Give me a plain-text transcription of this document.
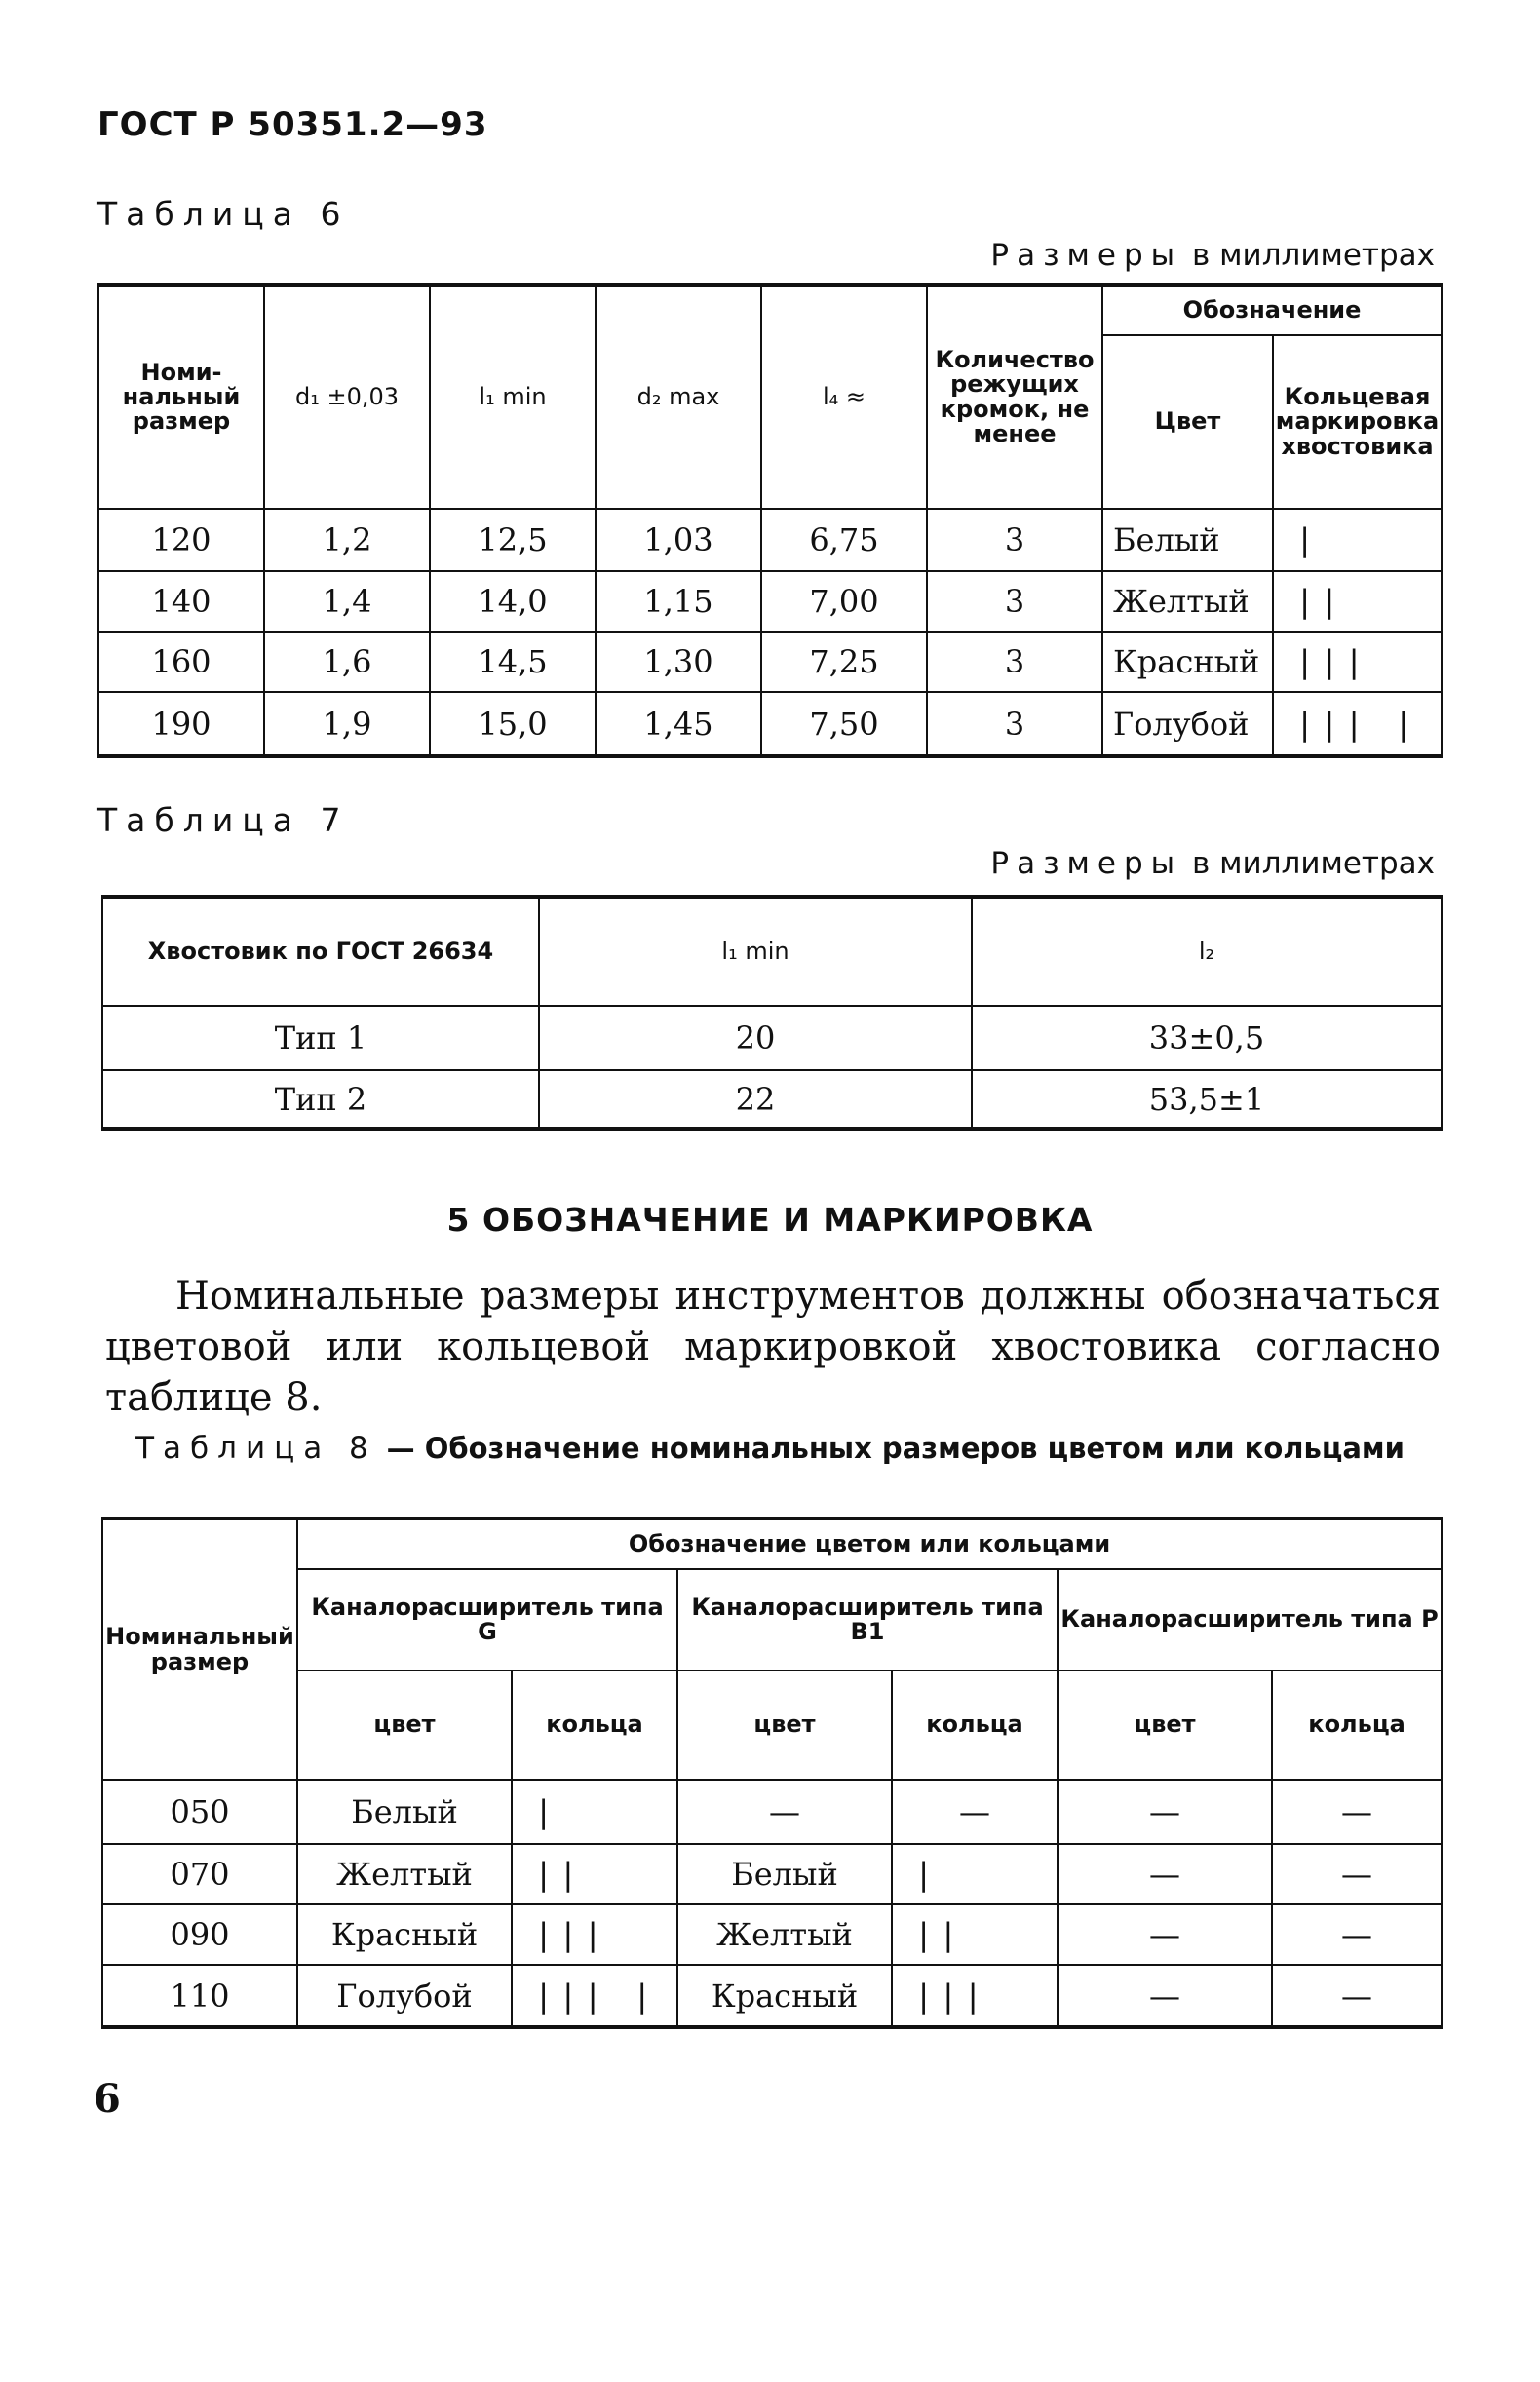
ГОСТ Р 50351.2—93
Таблица 6
Размеры в миллиметрах
Номи-нальный размер	d₁ ±0,03	l₁ min	d₂ max	l₄ ≈	Количество режущих кромок, не менее	Обозначение	
						Цвет	Кольцевая маркировка хвостовика
120	1,2	12,5	1,03	6,75	3	Белый	|
140	1,4	14,0	1,15	7,00	3	Желтый	||
160	1,6	14,5	1,30	7,25	3	Красный	|||
190	1,9	15,0	1,45	7,50	3	Голубой	||| |
Таблица 7
Размеры в миллиметрах
Хвостовик по ГОСТ 26634	l₁ min	l₂
Тип 1	20	33±0,5
Тип 2	22	53,5±1
5 ОБОЗНАЧЕНИЕ И МАРКИРОВКА
Номинальные размеры инструментов должны обозначаться цветовой или кольцевой маркировкой хвостовика согласно таблице 8.
Таблица 8 — Обозначение номинальных размеров цветом или кольцами
Номинальный размер	Обозначение цветом или кольцами					
	Каналорасширитель типа G		Каналорасширитель типа B1		Каналорасширитель типа P	
	цвет	кольца	цвет	кольца	цвет	кольца
050	Белый	|	—	—	—	—
070	Желтый	||	Белый	|	—	—
090	Красный	|||	Желтый	||	—	—
110	Голубой	||| |	Красный	|||	—	—
6
